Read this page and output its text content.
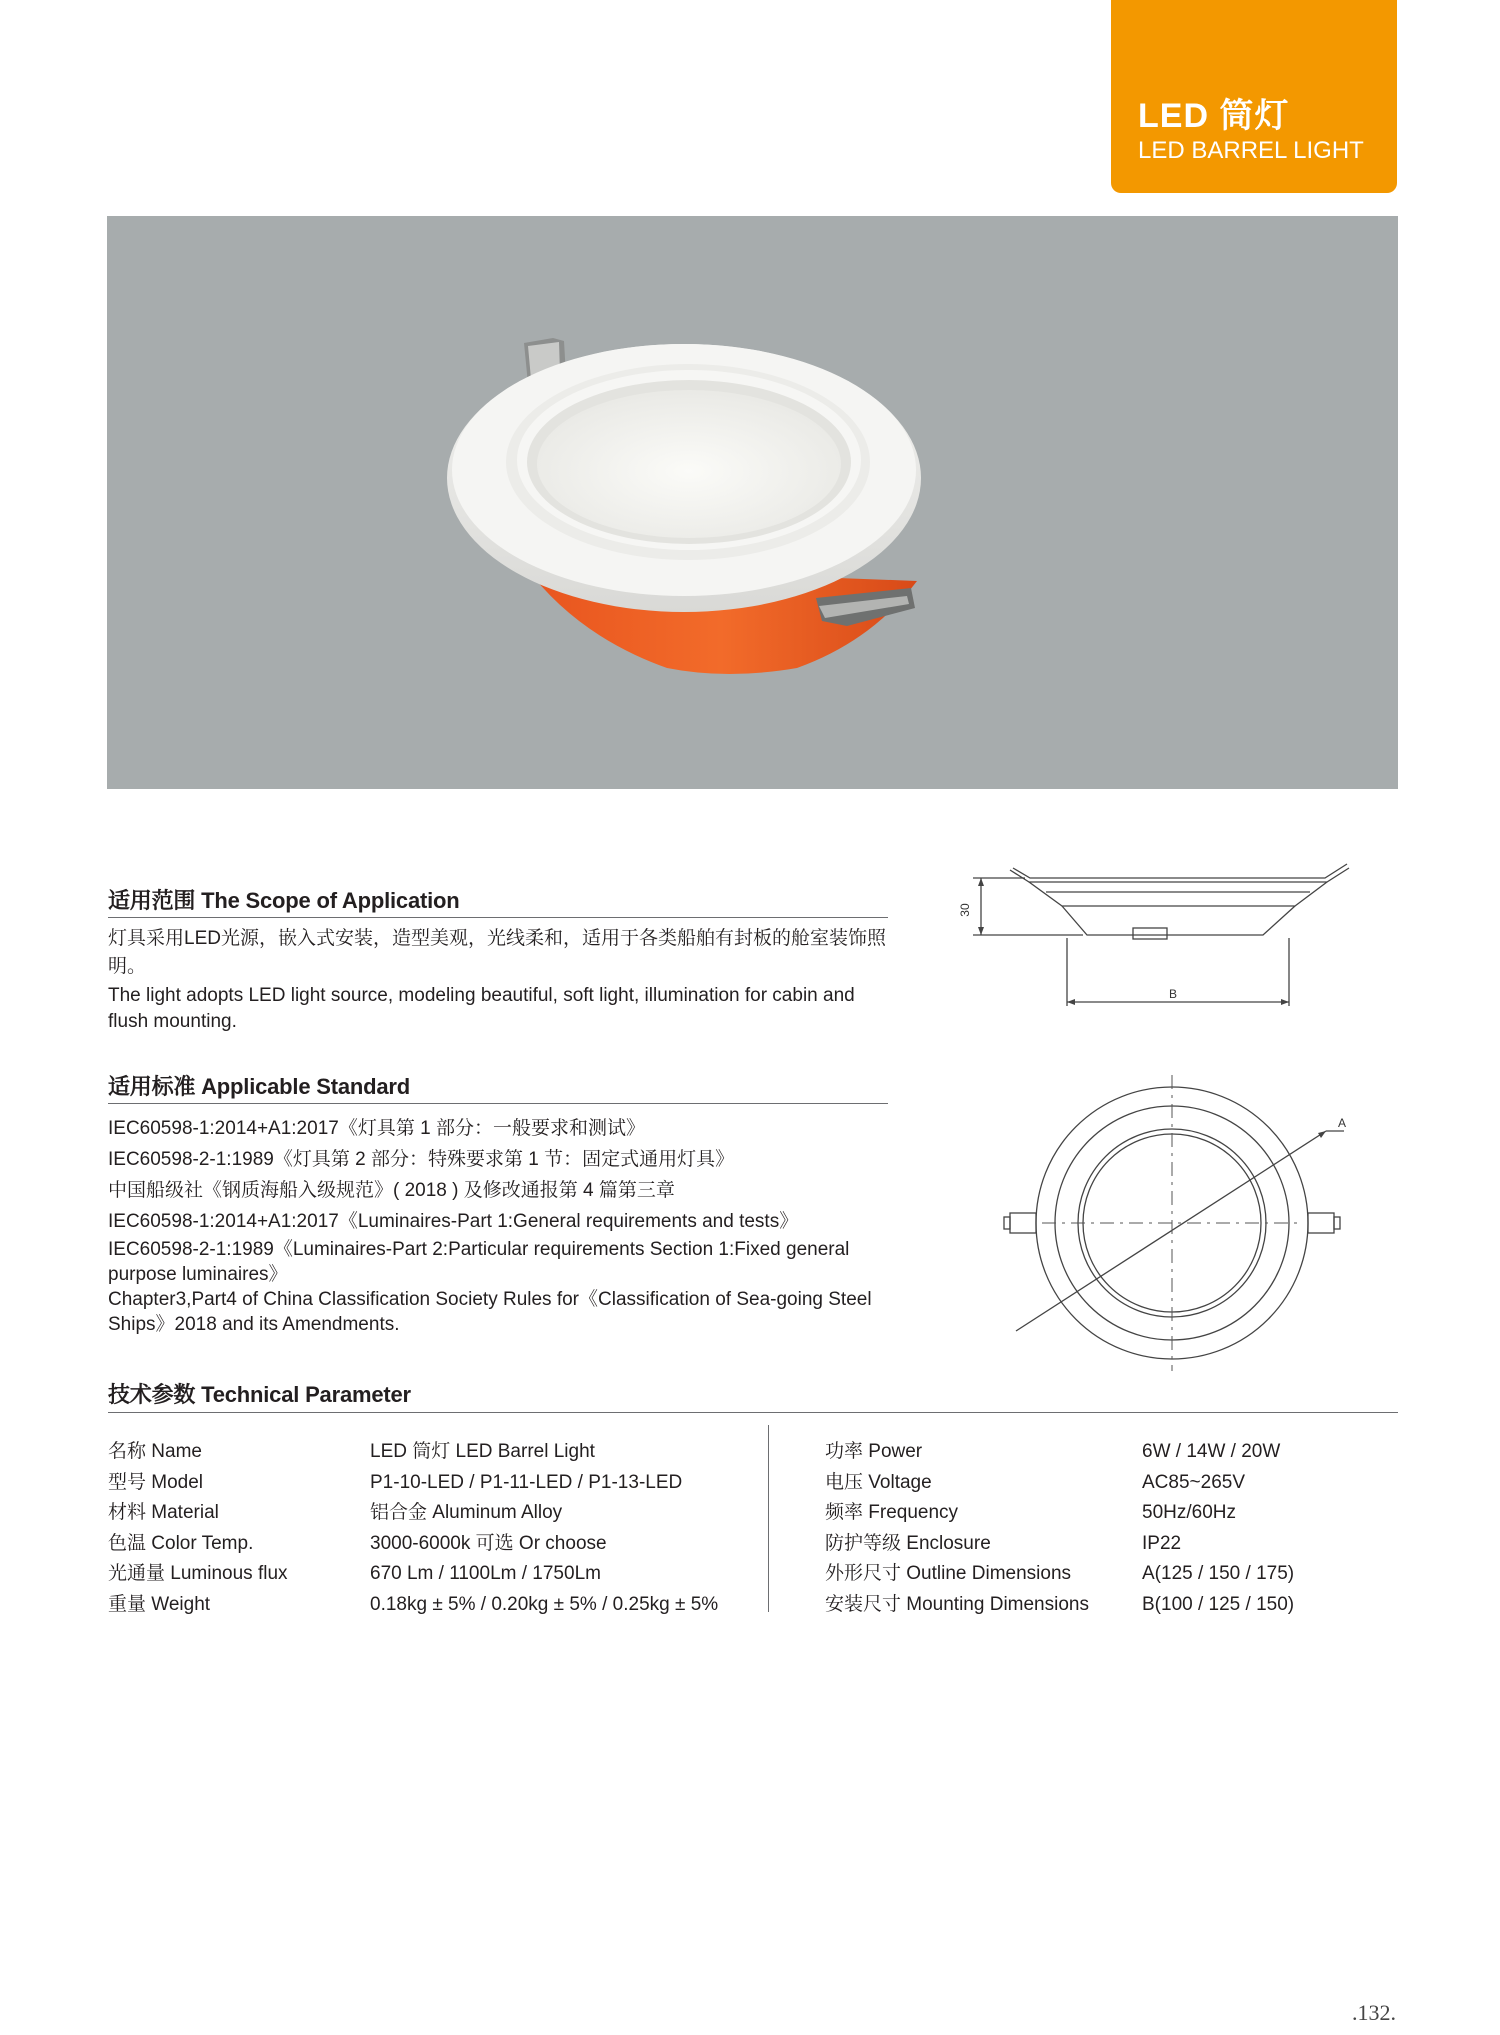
LED 筒灯
LED BARREL LIGHT
30
B
A
适用范围 The Scope of Application
灯具采用LED光源，嵌入式安装，造型美观，光线柔和，适用于各类船舶有封板的舱室装饰照明。
The light adopts LED light source, modeling beautiful, soft light, illumination for cabin and flush mounting.
适用标准 Applicable Standard
IEC60598-1:2014+A1:2017《灯具第 1 部分：一般要求和测试》
IEC60598-2-1:1989《灯具第 2 部分：特殊要求第 1 节：固定式通用灯具》
中国船级社《钢质海船入级规范》( 2018 ) 及修改通报第 4 篇第三章
IEC60598-1:2014+A1:2017《Luminaires-Part 1:General requirements and tests》
IEC60598-2-1:1989《Luminaires-Part 2:Particular requirements Section 1:Fixed general purpose luminaires》
Chapter3,Part4 of China Classification Society Rules for《Classification of Sea-going Steel Ships》2018 and its Amendments.
技术参数 Technical Parameter
名称 Name
型号 Model
材料 Material
色温 Color Temp.
光通量 Luminous flux
重量 Weight
LED 筒灯 LED Barrel Light
P1-10-LED / P1-11-LED / P1-13-LED
铝合金 Aluminum Alloy
3000-6000k 可选 Or choose
670 Lm / 1100Lm / 1750Lm
0.18kg ± 5% / 0.20kg ± 5% / 0.25kg ± 5%
功率 Power
电压 Voltage
频率 Frequency
防护等级 Enclosure
外形尺寸 Outline Dimensions
安装尺寸 Mounting Dimensions
6W / 14W / 20W
AC85~265V
50Hz/60Hz
IP22
A(125 / 150 / 175)
B(100 / 125 / 150)
.132.
